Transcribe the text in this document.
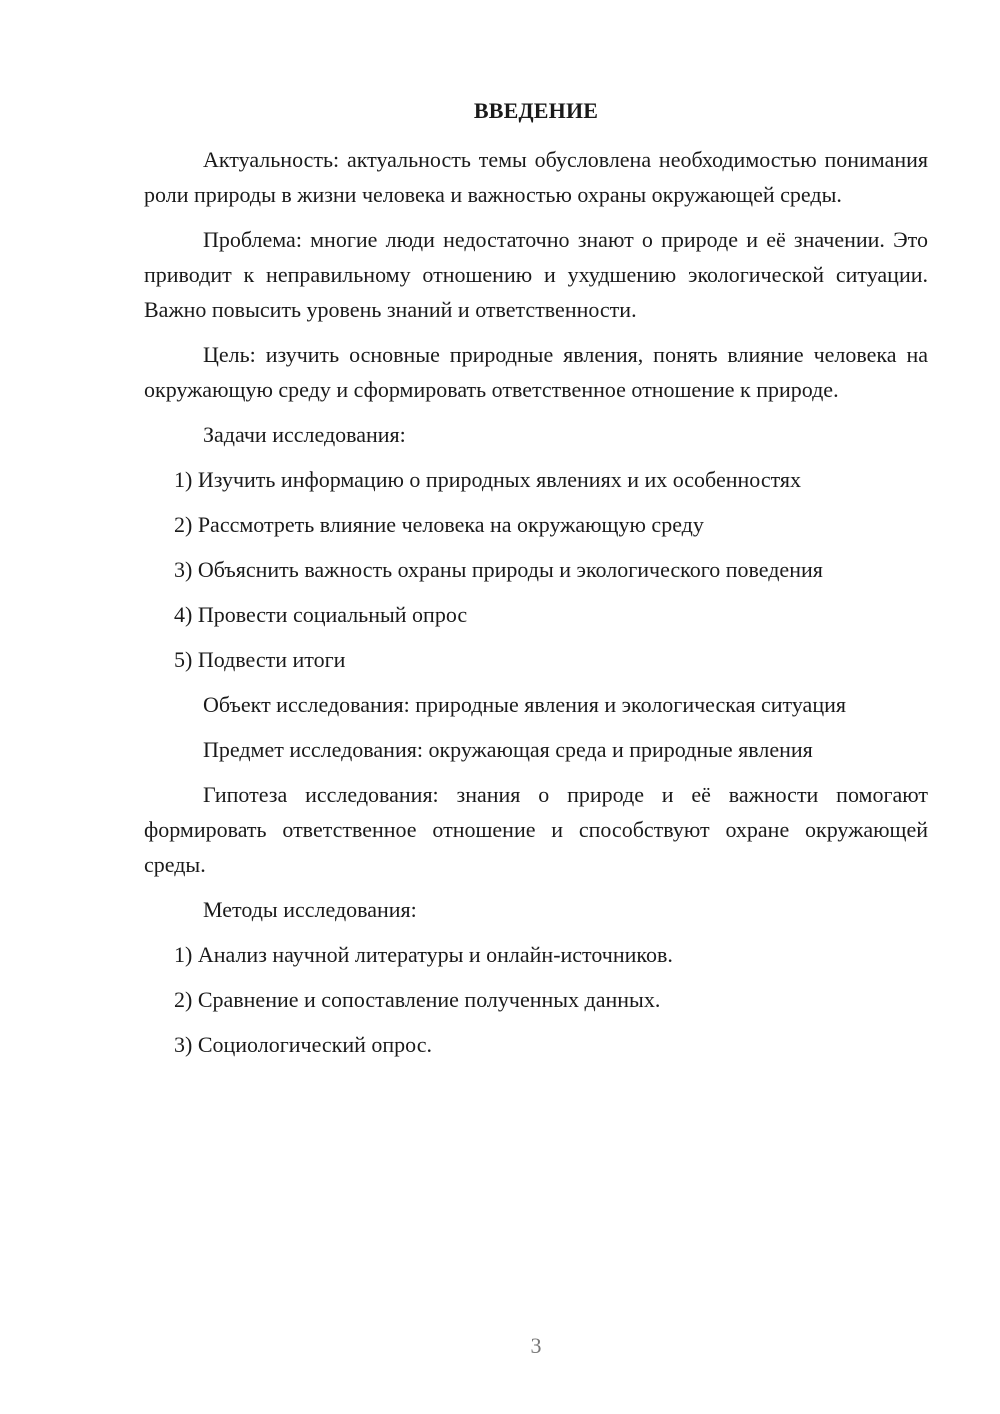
ВВЕДЕНИЕ

Актуальность: актуальность темы обусловлена необходимостью понимания роли природы в жизни человека и важностью охраны окружающей среды.

Проблема: многие люди недостаточно знают о природе и её значении. Это приводит к неправильному отношению и ухудшению экологической ситуации. Важно повысить уровень знаний и ответственности.

Цель: изучить основные природные явления, понять влияние человека на окружающую среду и сформировать ответственное отношение к природе.

Задачи исследования:

1) Изучить информацию о природных явлениях и их особенностях
2) Рассмотреть влияние человека на окружающую среду
3) Объяснить важность охраны природы и экологического поведения
4) Провести социальный опрос
5) Подвести итоги

Объект исследования: природные явления и экологическая ситуация

Предмет исследования: окружающая среда и природные явления

Гипотеза исследования: знания о природе и её важности помогают формировать ответственное отношение и способствуют охране окружающей среды.

Методы исследования:

1) Анализ научной литературы и онлайн-источников.
2) Сравнение и сопоставление полученных данных.
3) Социологический опрос.
3
